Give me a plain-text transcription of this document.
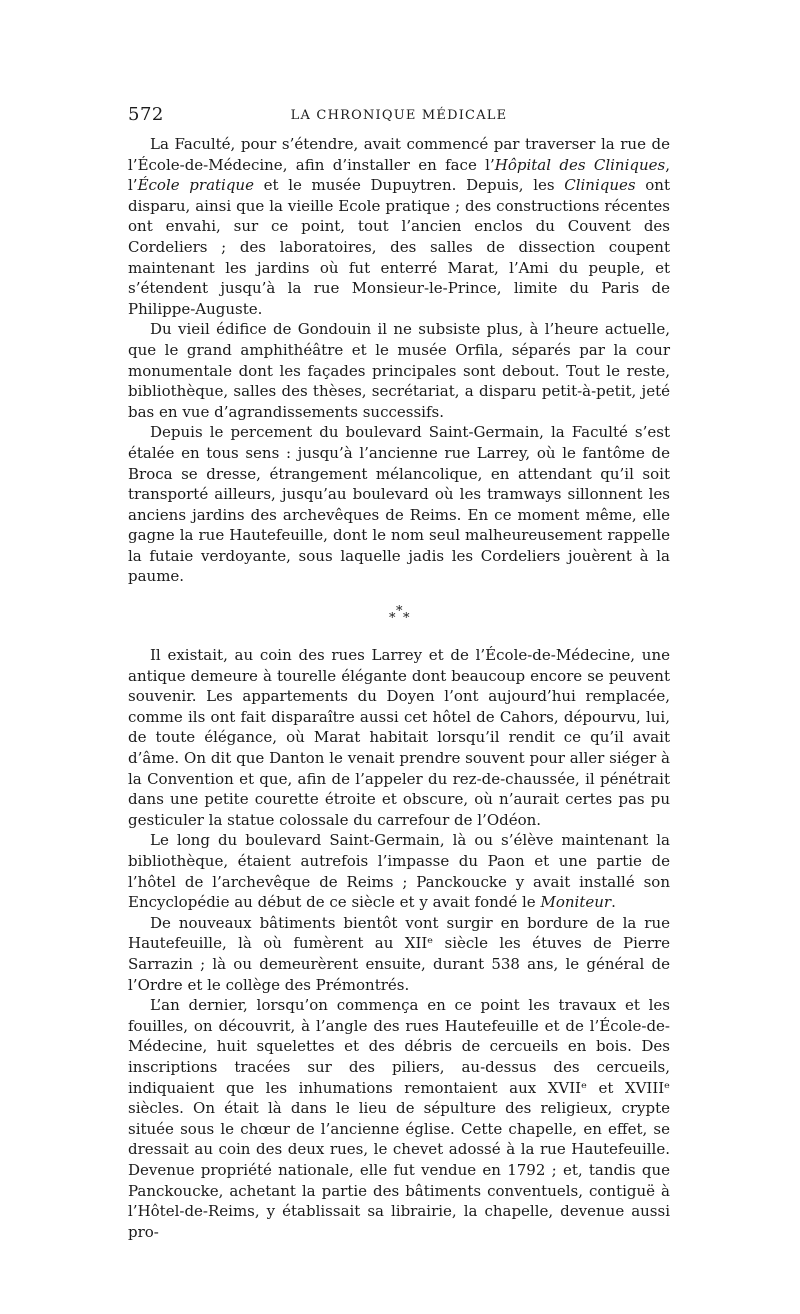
572	LA CHRONIQUE MÉDICALE

La Faculté, pour s’étendre, avait commencé par traverser la rue de l’École-de-Médecine, afin d’installer en face l’Hôpital des Cliniques, l’École pratique et le musée Dupuytren. Depuis, les Cliniques ont disparu, ainsi que la vieille Ecole pratique ; des constructions récentes ont envahi, sur ce point, tout l’ancien enclos du Couvent des Cordeliers ; des laboratoires, des salles de dissection coupent maintenant les jardins où fut enterré Marat, l’Ami du peuple, et s’étendent jusqu’à la rue Monsieur-le-Prince, limite du Paris de Philippe-Auguste.

Du vieil édifice de Gondouin il ne subsiste plus, à l’heure actuelle, que le grand amphithéâtre et le musée Orfila, séparés par la cour monumentale dont les façades principales sont debout. Tout le reste, bibliothèque, salles des thèses, secrétariat, a disparu petit-à-petit, jeté bas en vue d’agrandissements successifs.

Depuis le percement du boulevard Saint-Germain, la Faculté s’est étalée en tous sens : jusqu’à l’ancienne rue Larrey, où le fantôme de Broca se dresse, étrangement mélancolique, en attendant qu’il soit transporté ailleurs, jusqu’au boulevard où les tramways sillonnent les anciens jardins des archevêques de Reims. En ce moment même, elle gagne la rue Hautefeuille, dont le nom seul malheureusement rappelle la futaie verdoyante, sous laquelle jadis les Cordeliers jouèrent à la paume.

*
* *

Il existait, au coin des rues Larrey et de l’École-de-Médecine, une antique demeure à tourelle élégante dont beaucoup encore se peuvent souvenir. Les appartements du Doyen l’ont aujourd’hui remplacée, comme ils ont fait disparaître aussi cet hôtel de Cahors, dépourvu, lui, de toute élégance, où Marat habitait lorsqu’il rendit ce qu’il avait d’âme. On dit que Danton le venait prendre souvent pour aller siéger à la Convention et que, afin de l’appeler du rez-de-chaussée, il pénétrait dans une petite courette étroite et obscure, où n’aurait certes pas pu gesticuler la statue colossale du carrefour de l’Odéon.

Le long du boulevard Saint-Germain, là ou s’élève maintenant la bibliothèque, étaient autrefois l’impasse du Paon et une partie de l’hôtel de l’archevêque de Reims ; Panckoucke y avait installé son Encyclopédie au début de ce siècle et y avait fondé le Moniteur.

De nouveaux bâtiments bientôt vont surgir en bordure de la rue Hautefeuille, là où fumèrent au XIIᵉ siècle les étuves de Pierre Sarrazin ; là ou demeurèrent ensuite, durant 538 ans, le général de l’Ordre et le collège des Prémontrés.

L’an dernier, lorsqu’on commença en ce point les travaux et les fouilles, on découvrit, à l’angle des rues Hautefeuille et de l’École-de-Médecine, huit squelettes et des débris de cercueils en bois. Des inscriptions tracées sur des piliers, au-dessus des cercueils, indiquaient que les inhumations remontaient aux XVIIᵉ et XVIIIᵉ siècles. On était là dans le lieu de sépulture des religieux, crypte située sous le chœur de l’ancienne église. Cette chapelle, en effet, se dressait au coin des deux rues, le chevet adossé à la rue Hautefeuille. Devenue propriété nationale, elle fut vendue en 1792 ; et, tandis que Panckoucke, achetant la partie des bâtiments conventuels, contiguë à l’Hôtel-de-Reims, y établissait sa librairie, la chapelle, devenue aussi pro-
